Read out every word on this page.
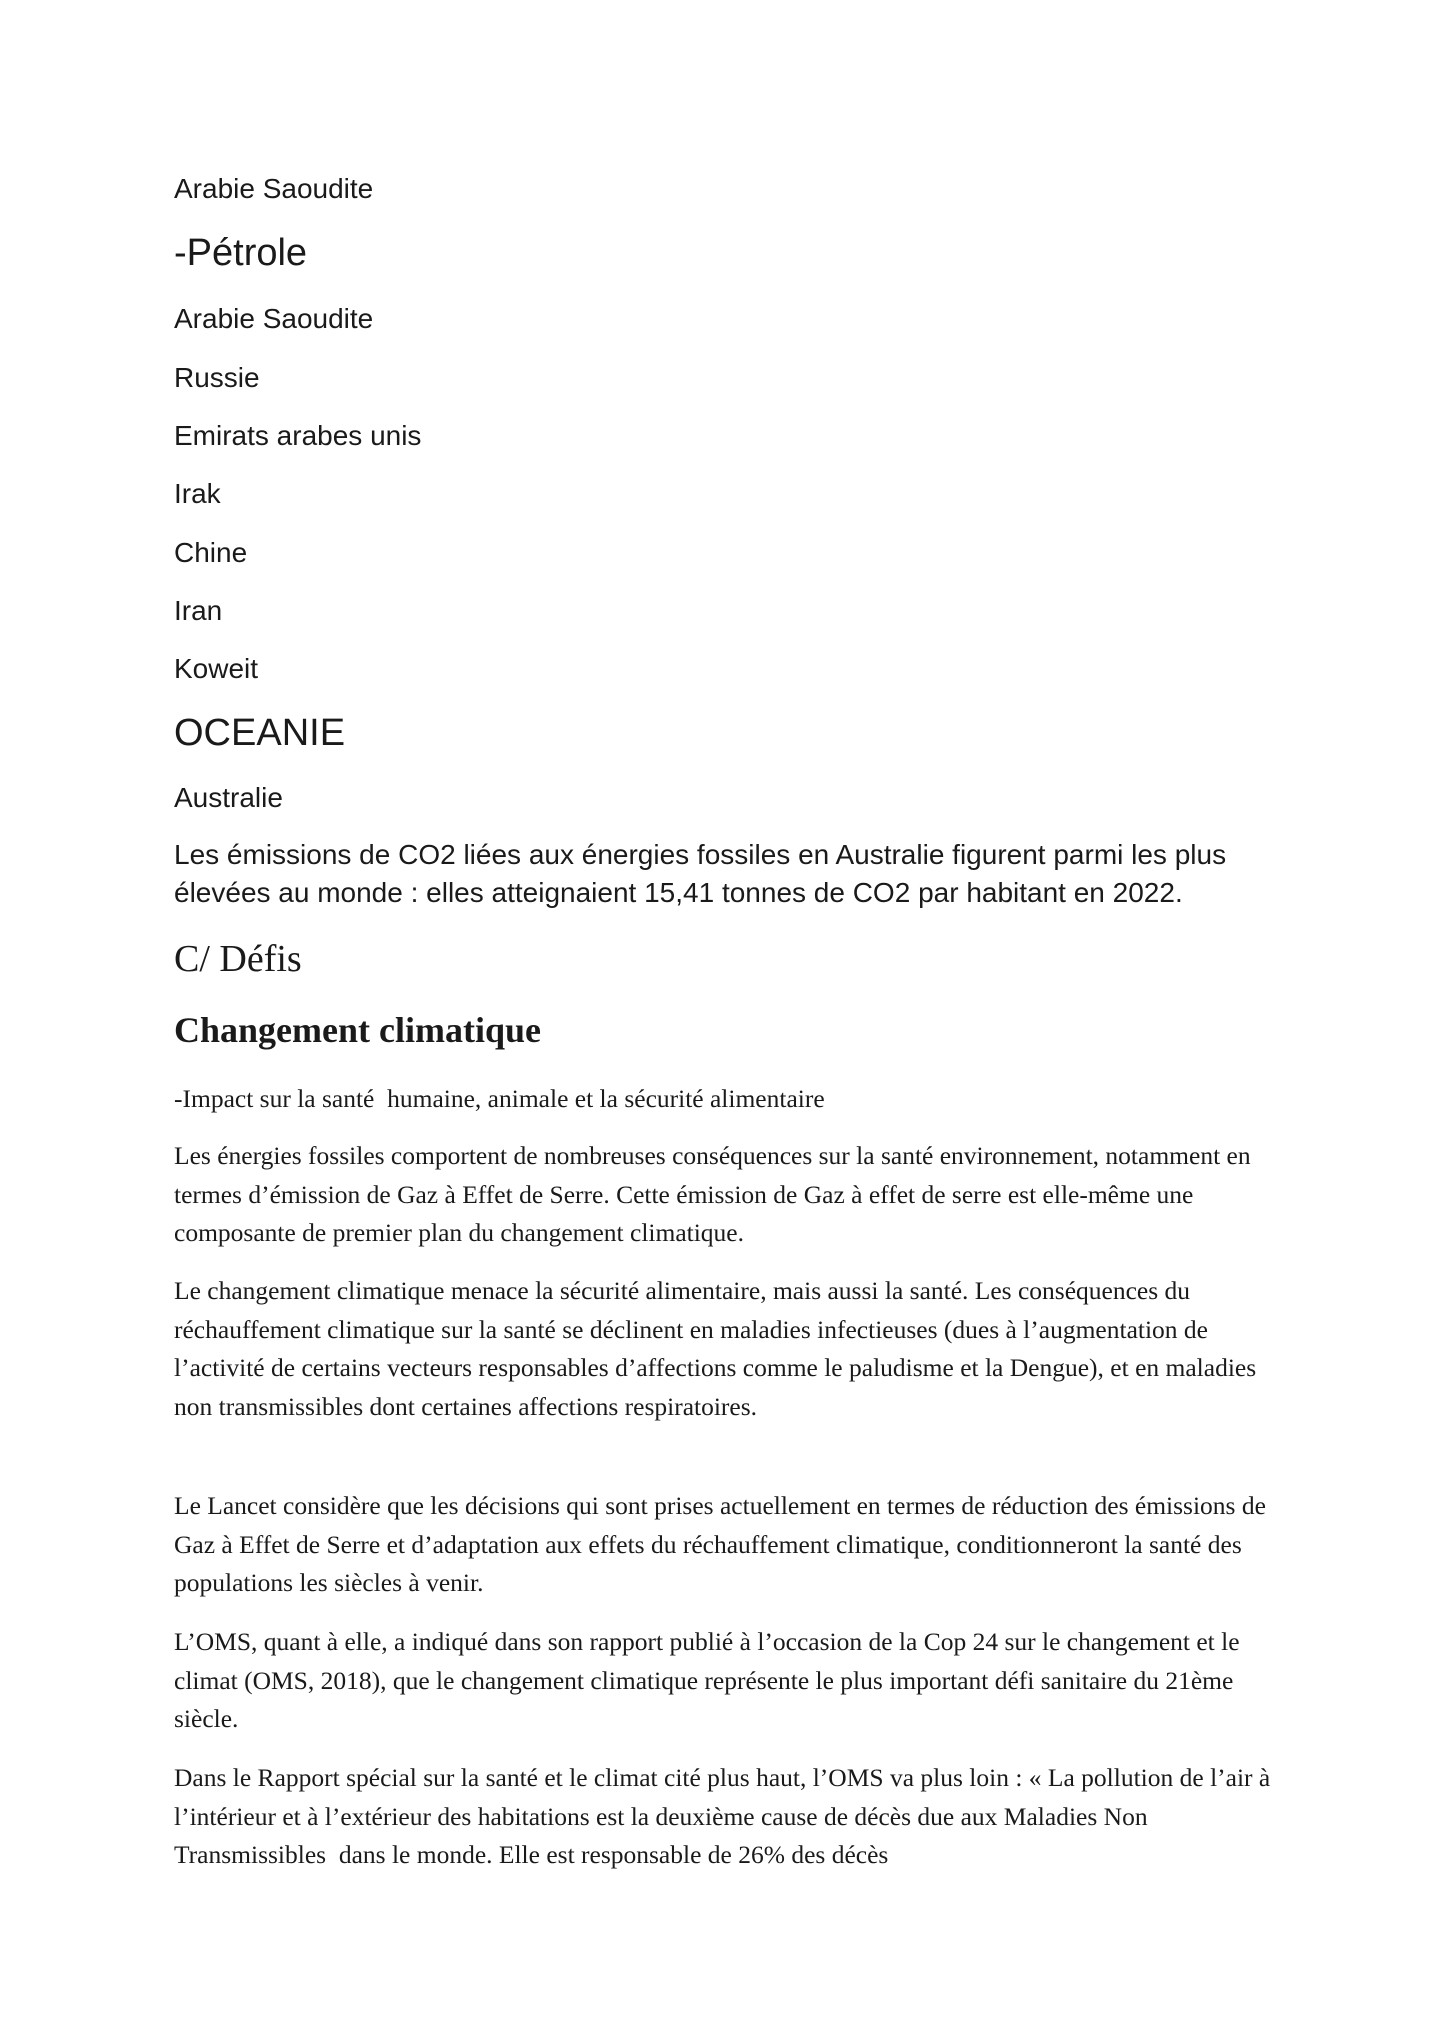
Arabie Saoudite

-Pétrole

Arabie Saoudite

Russie

Emirats arabes unis

Irak

Chine

Iran

Koweit

OCEANIE

Australie

Les émissions de CO2 liées aux énergies fossiles en Australie figurent parmi les plus élevées au monde : elles atteignaient 15,41 tonnes de CO2 par habitant en 2022.

C/ Défis

Changement climatique

-Impact sur la santé  humaine, animale et la sécurité alimentaire

Les énergies fossiles comportent de nombreuses conséquences sur la santé environnement, notamment en termes d’émission de Gaz à Effet de Serre. Cette émission de Gaz à effet de serre est elle-même une composante de premier plan du changement climatique.

Le changement climatique menace la sécurité alimentaire, mais aussi la santé. Les conséquences du réchauffement climatique sur la santé se déclinent en maladies infectieuses (dues à l’augmentation de l’activité de certains vecteurs responsables d’affections comme le paludisme et la Dengue), et en maladies non transmissibles dont certaines affections respiratoires.

Le Lancet considère que les décisions qui sont prises actuellement en termes de réduction des émissions de Gaz à Effet de Serre et d’adaptation aux effets du réchauffement climatique, conditionneront la santé des populations les siècles à venir.

L’OMS, quant à elle, a indiqué dans son rapport publié à l’occasion de la Cop 24 sur le changement et le climat (OMS, 2018), que le changement climatique représente le plus important défi sanitaire du 21ème siècle.

Dans le Rapport spécial sur la santé et le climat cité plus haut, l’OMS va plus loin : « La pollution de l’air à l’intérieur et à l’extérieur des habitations est la deuxième cause de décès due aux Maladies Non Transmissibles  dans le monde. Elle est responsable de 26% des décès
